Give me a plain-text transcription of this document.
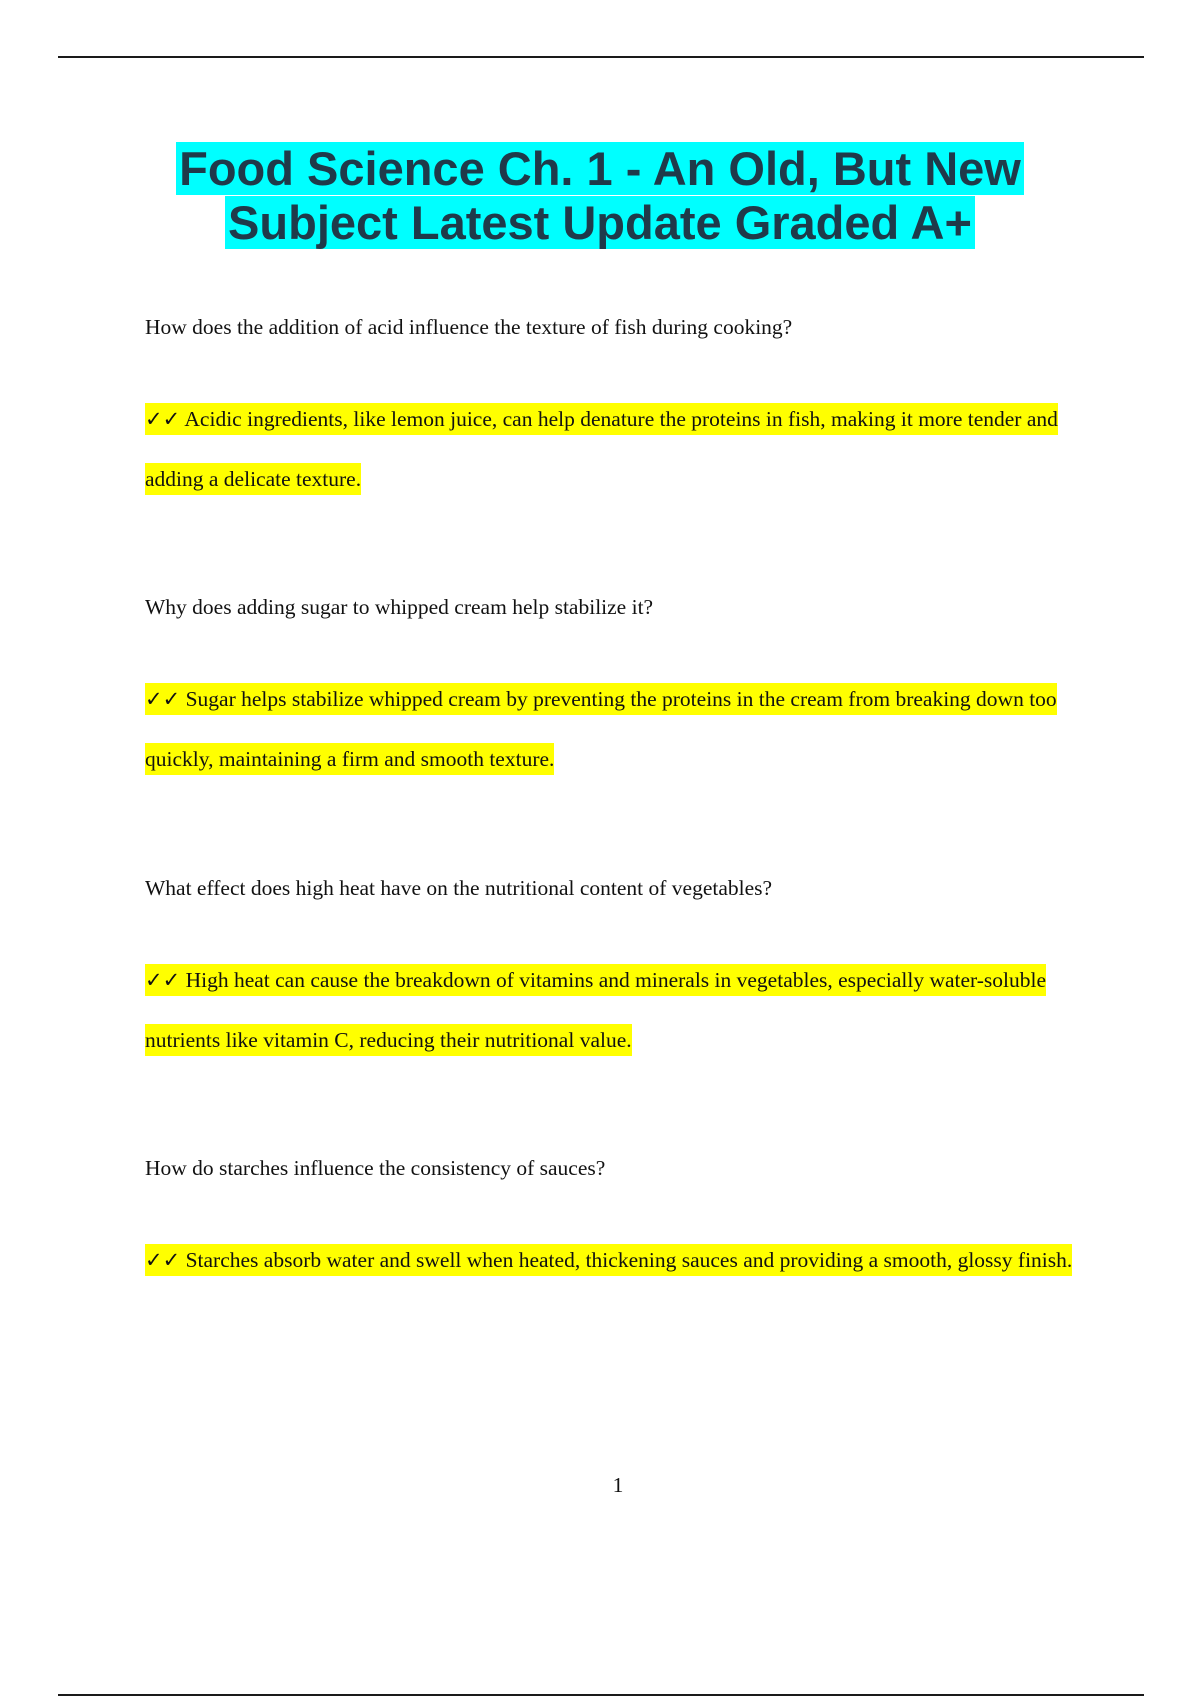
Food Science Ch. 1 - An Old, But New Subject Latest Update Graded A+

How does the addition of acid influence the texture of fish during cooking?

✓✓ Acidic ingredients, like lemon juice, can help denature the proteins in fish, making it more tender and adding a delicate texture.

Why does adding sugar to whipped cream help stabilize it?

✓✓ Sugar helps stabilize whipped cream by preventing the proteins in the cream from breaking down too quickly, maintaining a firm and smooth texture.

What effect does high heat have on the nutritional content of vegetables?

✓✓ High heat can cause the breakdown of vitamins and minerals in vegetables, especially water-soluble nutrients like vitamin C, reducing their nutritional value.

How do starches influence the consistency of sauces?

✓✓ Starches absorb water and swell when heated, thickening sauces and providing a smooth, glossy finish.

1
